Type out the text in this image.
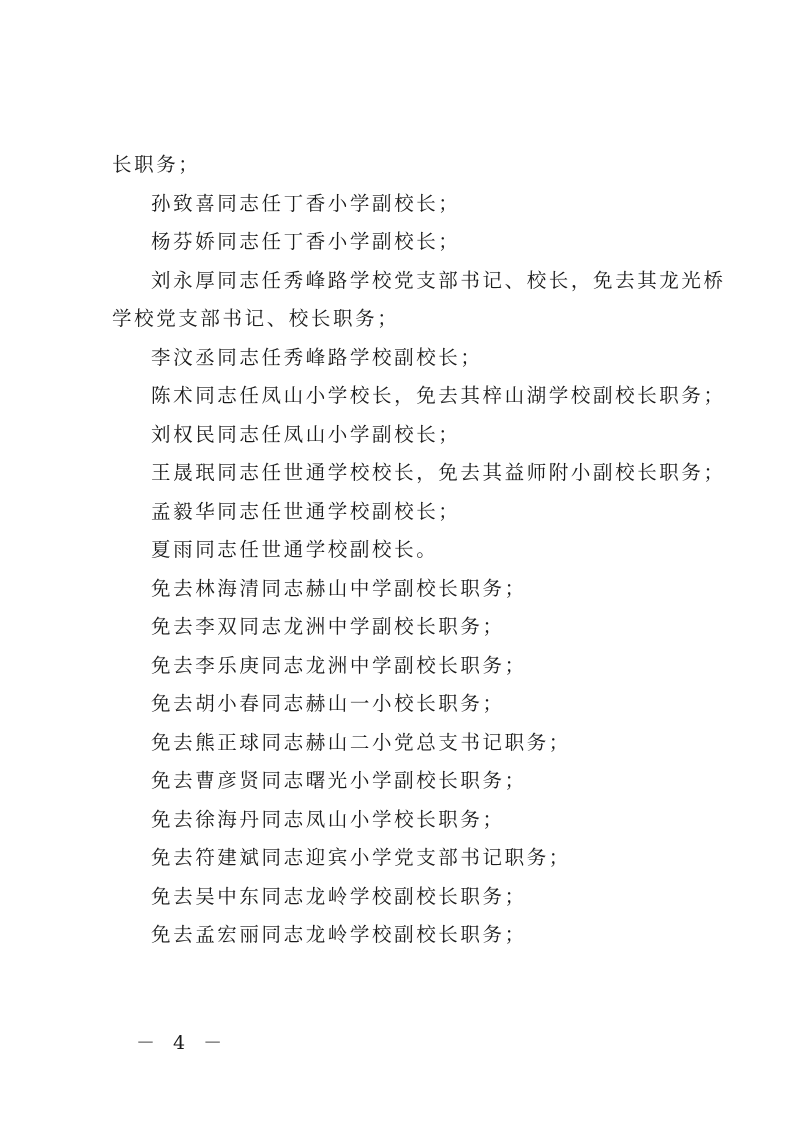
长职务；
孙致喜同志任丁香小学副校长；
杨芬娇同志任丁香小学副校长；
刘永厚同志任秀峰路学校党支部书记、校长，免去其龙光桥
学校党支部书记、校长职务；
李汶丞同志任秀峰路学校副校长；
陈术同志任凤山小学校长，免去其梓山湖学校副校长职务；
刘权民同志任凤山小学副校长；
王晟珉同志任世通学校校长，免去其益师附小副校长职务；
孟毅华同志任世通学校副校长；
夏雨同志任世通学校副校长。
免去林海清同志赫山中学副校长职务；
免去李双同志龙洲中学副校长职务；
免去李乐庚同志龙洲中学副校长职务；
免去胡小春同志赫山一小校长职务；
免去熊正球同志赫山二小党总支书记职务；
免去曹彦贤同志曙光小学副校长职务；
免去徐海丹同志凤山小学校长职务；
免去符建斌同志迎宾小学党支部书记职务；
免去吴中东同志龙岭学校副校长职务；
免去孟宏丽同志龙岭学校副校长职务；
－ 4 －
